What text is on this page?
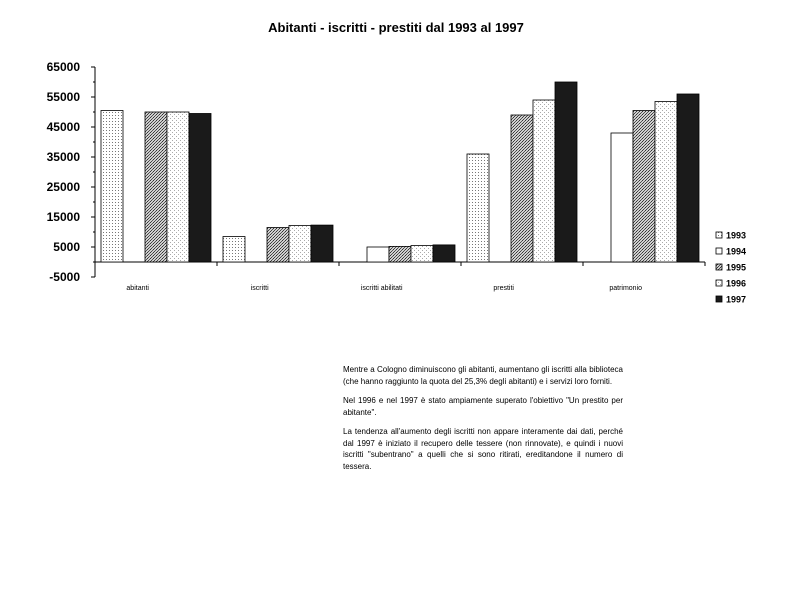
Abitanti - iscritti - prestiti dal 1993 al 1997
65000
55000
45000
35000
25000
15000
5000
-5000
abitanti	iscritti	iscritti abilitati	prestiti	patrimonio
1993
1994
1995
1996
1997

Mentre a Cologno diminuiscono gli abitanti, aumentano gli iscritti alla biblioteca (che hanno raggiunto la quota del 25,3% degli abitanti) e i servizi loro forniti.

Nel 1996 e nel 1997 è stato ampiamente superato l'obiettivo "Un prestito per abitante".

La tendenza all'aumento degli iscritti non appare interamente dai dati, perché dal 1997 è iniziato il recupero delle tessere (non rinnovate), e quindi i nuovi iscritti "subentrano" a quelli che si sono ritirati, ereditandone il numero di tessera.
